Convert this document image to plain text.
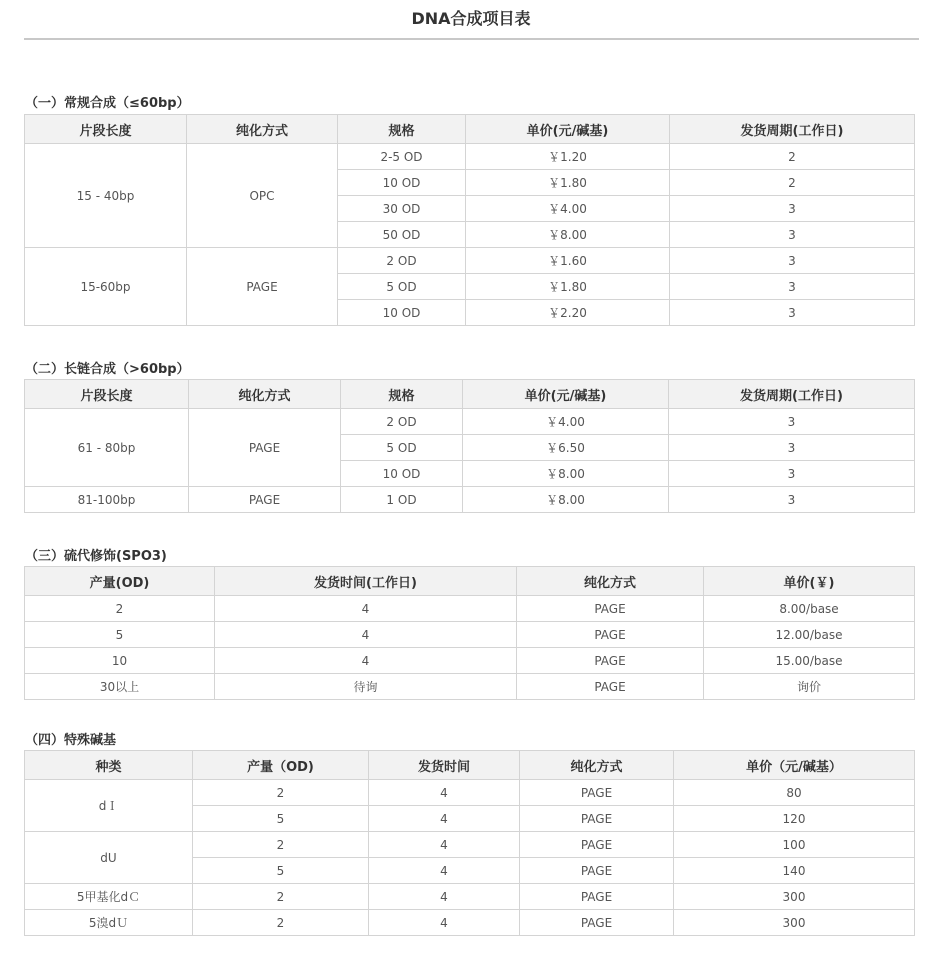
DNA合成项目表
（一）常规合成（≤60bp）
片段长度	纯化方式	规格	单价(元/碱基)	发货周期(工作日)
15 - 40bp	OPC	2-5 OD	￥1.20	2
		10 OD	￥1.80	2
		30 OD	￥4.00	3
		50 OD	￥8.00	3
15-60bp	PAGE	2 OD	￥1.60	3
		5 OD	￥1.80	3
		10 OD	￥2.20	3
（二）长链合成（>60bp）
片段长度	纯化方式	规格	单价(元/碱基)	发货周期(工作日)
61 - 80bp	PAGE	2 OD	￥4.00	3
		5 OD	￥6.50	3
		10 OD	￥8.00	3
81-100bp	PAGE	1 OD	￥8.00	3
（三）硫代修饰(SPO3)
产量(OD)	发货时间(工作日)	纯化方式	单价(￥)
2	4	PAGE	8.00/base
5	4	PAGE	12.00/base
10	4	PAGE	15.00/base
30以上	待询	PAGE	询价
（四）特殊碱基
种类	产量（OD)	发货时间	纯化方式	单价（元/碱基）
dＩ	2	4	PAGE	80
	5	4	PAGE	120
dU	2	4	PAGE	100
	5	4	PAGE	140
5甲基化dＣ	2	4	PAGE	300
5溴dＵ	2	4	PAGE	300
